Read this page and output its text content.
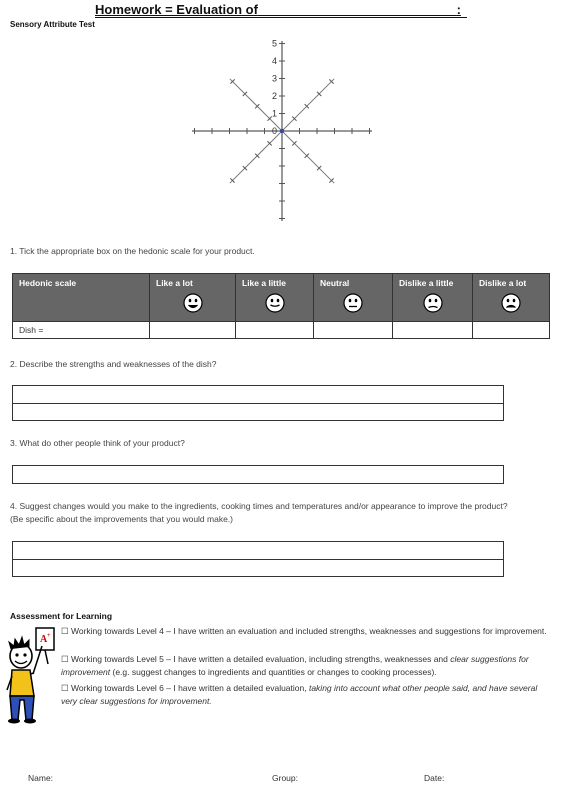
Homework = Evaluation of	:
Sensory Attribute Test
5
4
3
2
1
0
1. Tick the appropriate box on the hedonic scale for your product.
Hedonic scale	Like a lot	Like a little	Neutral	Dislike a little	Dislike a lot

Dish =					
2. Describe the strengths and weaknesses of the dish?
3. What do other people think of your product?
4. Suggest changes would you make to the ingredients, cooking times and temperatures and/or appearance to improve the product?
(Be specific about the improvements that you would make.)
Assessment for Learning
A + ☐ Working towards Level 4 – I have written an evaluation and included strengths, weaknesses and suggestions for improvement.
☐ Working towards Level 5 – I have written a detailed evaluation, including strengths, weaknesses and clear suggestions for improvement (e.g. suggest changes to ingredients and quantities or changes to cooking processes).
☐ Working towards Level 6 – I have written a detailed evaluation, taking into account what other people said, and have several very clear suggestions for improvement.
Name:	Group:	Date:
